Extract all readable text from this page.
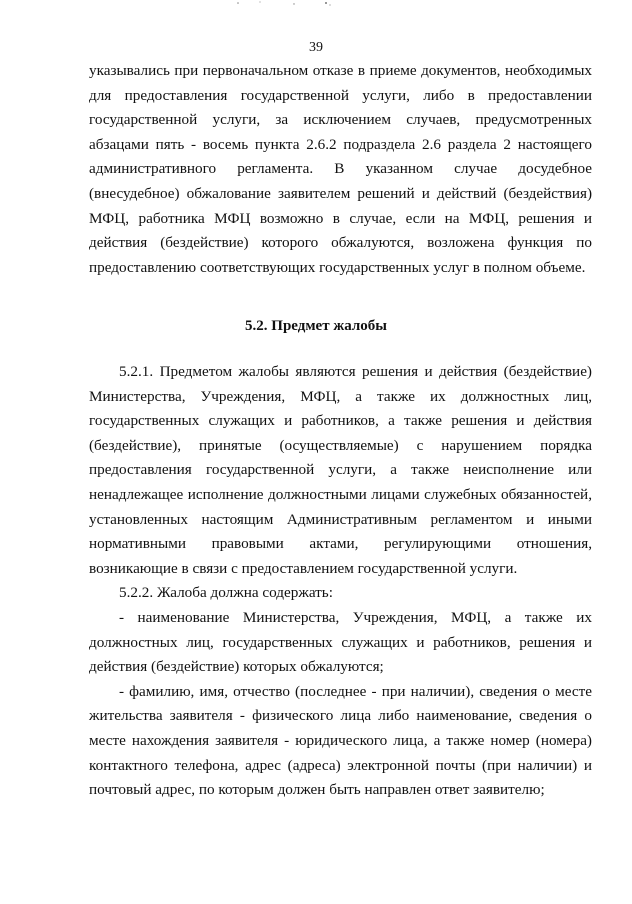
39

указывались при первоначальном отказе в приеме документов, необходимых для предоставления государственной услуги, либо в предоставлении государственной услуги, за исключением случаев, предусмотренных абзацами пять - восемь пункта 2.6.2 подраздела 2.6 раздела 2 настоящего административного регламента. В указанном случае досудебное (внесудебное) обжалование заявителем решений и действий (бездействия) МФЦ, работника МФЦ возможно в случае, если на МФЦ, решения и действия (бездействие) которого обжалуются, возложена функция по предоставлению соответствующих государственных услуг в полном объеме.

5.2. Предмет жалобы

5.2.1. Предметом жалобы являются решения и действия (бездействие) Министерства, Учреждения, МФЦ, а также их должностных лиц, государственных служащих и работников, а также решения и действия (бездействие), принятые (осуществляемые) с нарушением порядка предоставления государственной услуги, а также неисполнение или ненадлежащее исполнение должностными лицами служебных обязанностей, установленных настоящим Административным регламентом и иными нормативными правовыми актами, регулирующими отношения, возникающие в связи с предоставлением государственной услуги.

5.2.2. Жалоба должна содержать:

- наименование Министерства, Учреждения, МФЦ, а также их должностных лиц, государственных служащих и работников, решения и действия (бездействие) которых обжалуются;

- фамилию, имя, отчество (последнее - при наличии), сведения о месте жительства заявителя - физического лица либо наименование, сведения о месте нахождения заявителя - юридического лица, а также номер (номера) контактного телефона, адрес (адреса) электронной почты (при наличии) и почтовый адрес, по которым должен быть направлен ответ заявителю;
